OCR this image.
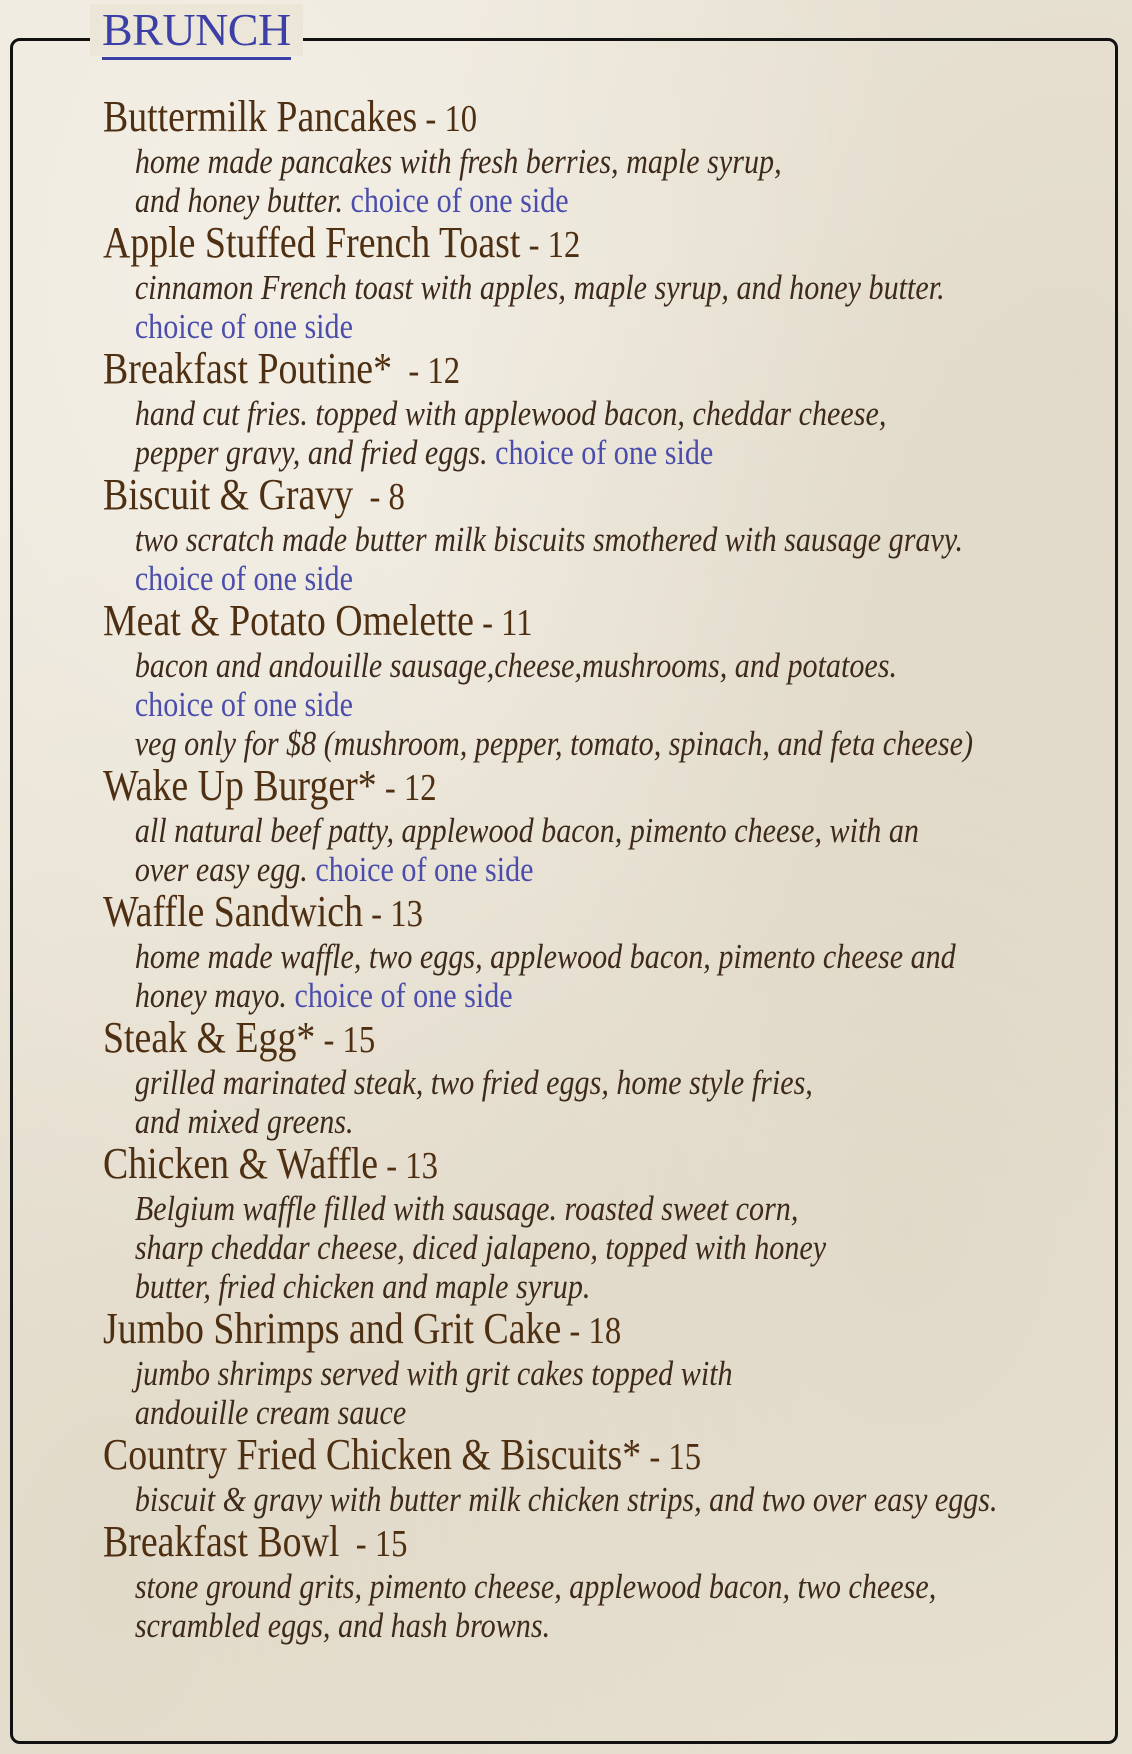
BRUNCH
Buttermilk Pancakes - 10
home made pancakes with fresh berries, maple syrup,
and honey butter. choice of one side
Apple Stuffed French Toast - 12
cinnamon French toast with apples, maple syrup, and honey butter.
choice of one side
Breakfast Poutine*  - 12
hand cut fries. topped with applewood bacon, cheddar cheese,
pepper gravy, and fried eggs. choice of one side
Biscuit & Gravy  - 8
two scratch made butter milk biscuits smothered with sausage gravy.
choice of one side
Meat & Potato Omelette - 11
bacon and andouille sausage,cheese,mushrooms, and potatoes.
choice of one side
veg only for $8 (mushroom, pepper, tomato, spinach, and feta cheese)
Wake Up Burger* - 12
all natural beef patty, applewood bacon, pimento cheese, with an
over easy egg. choice of one side
Waffle Sandwich - 13
home made waffle, two eggs, applewood bacon, pimento cheese and
honey mayo. choice of one side
Steak & Egg* - 15
grilled marinated steak, two fried eggs, home style fries,
and mixed greens.
Chicken & Waffle - 13
Belgium waffle filled with sausage. roasted sweet corn,
sharp cheddar cheese, diced jalapeno, topped with honey
butter, fried chicken and maple syrup.
Jumbo Shrimps and Grit Cake - 18
jumbo shrimps served with grit cakes topped with
andouille cream sauce
Country Fried Chicken & Biscuits* - 15
biscuit & gravy with butter milk chicken strips, and two over easy eggs.
Breakfast Bowl  - 15
stone ground grits, pimento cheese, applewood bacon, two cheese,
scrambled eggs, and hash browns.
